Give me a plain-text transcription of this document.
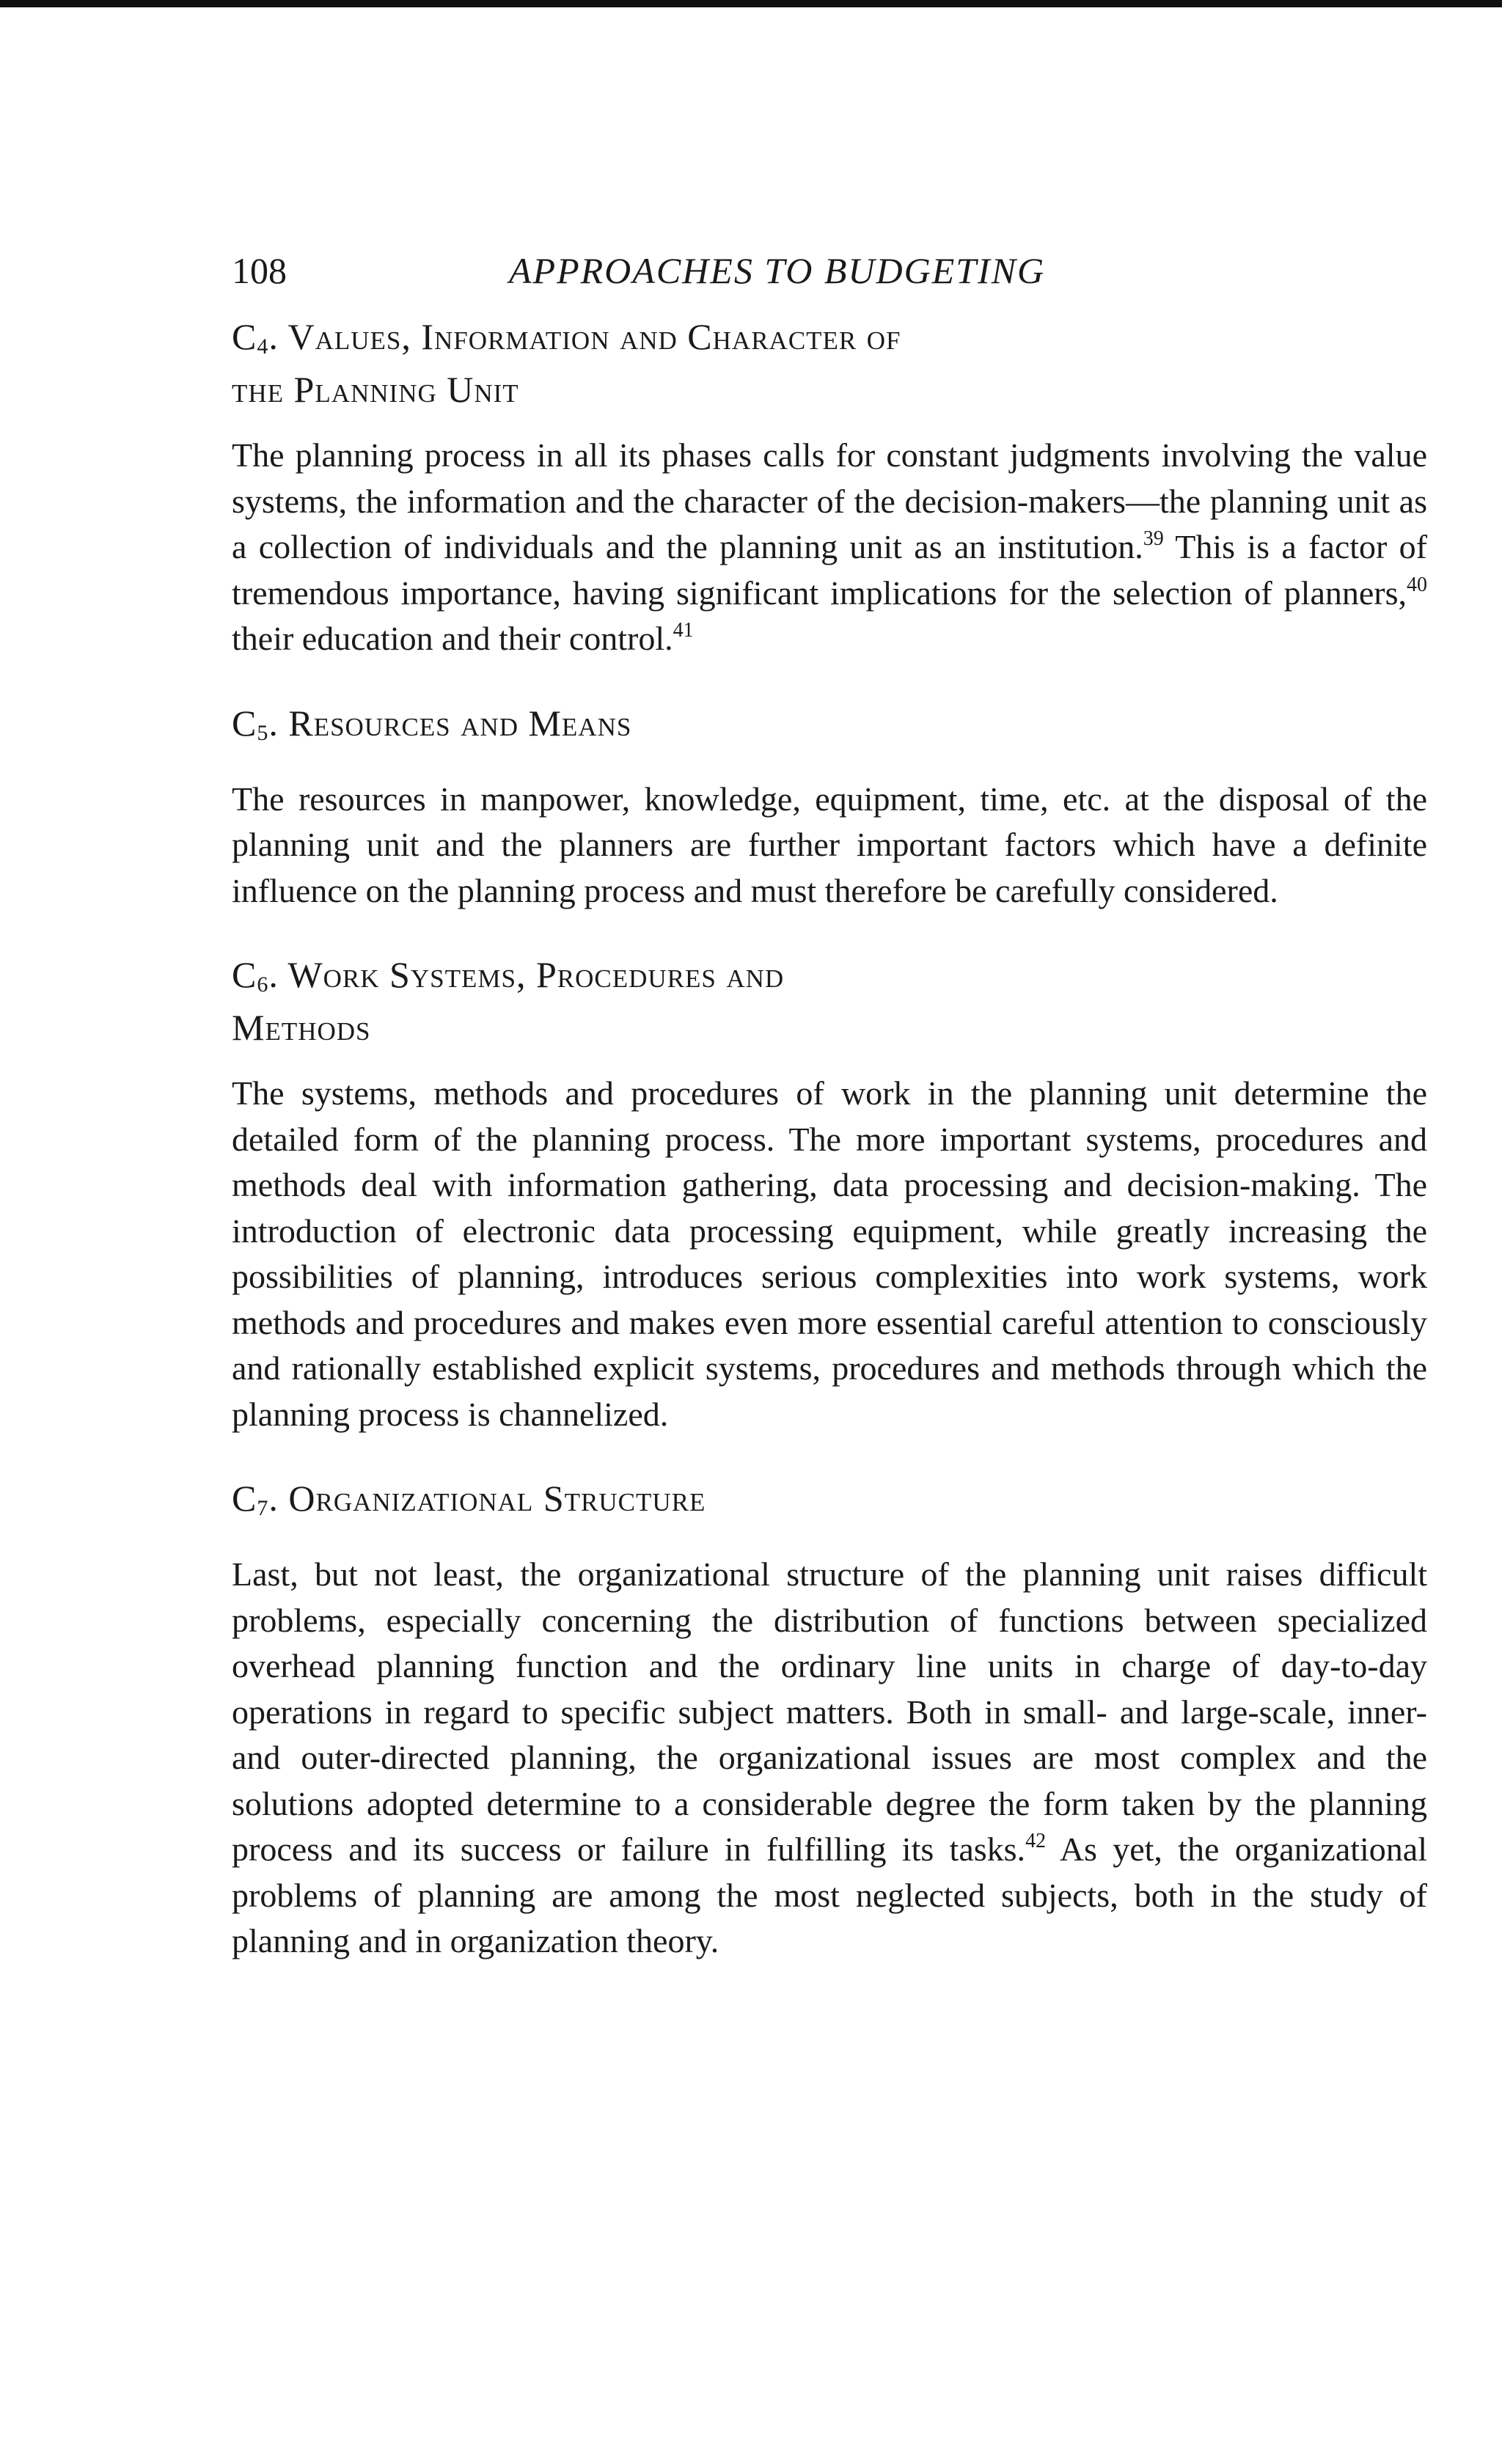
108	APPROACHES TO BUDGETING
$C_4$. Values, Information and Character of
the Planning Unit

The planning process in all its phases calls for constant judgments involving the value systems, the information and the character of the decision-makers—the planning unit as a collection of individuals and the planning unit as an institution.$^{39}$ This is a factor of tremendous importance, having significant implications for the selection of planners,$^{40}$ their education and their control.$^{41}$

$C_5$. Resources and Means

The resources in manpower, knowledge, equipment, time, etc. at the disposal of the planning unit and the planners are further important factors which have a definite influence on the planning process and must therefore be carefully considered.

$C_6$. Work Systems, Procedures and
Methods

The systems, methods and procedures of work in the planning unit determine the detailed form of the planning process. The more important systems, procedures and methods deal with information gathering, data processing and decision-making. The introduction of electronic data processing equipment, while greatly increasing the possibilities of planning, introduces serious complexities into work systems, work methods and procedures and makes even more essential careful attention to consciously and rationally established explicit systems, procedures and methods through which the planning process is channelized.

$C_7$. Organizational Structure

Last, but not least, the organizational structure of the planning unit raises difficult problems, especially concerning the distribution of functions between specialized overhead planning function and the ordinary line units in charge of day-to-day operations in regard to specific subject matters. Both in small- and large-scale, inner- and outer-directed planning, the organizational issues are most complex and the solutions adopted determine to a considerable degree the form taken by the planning process and its success or failure in fulfilling its tasks.$^{42}$ As yet, the organizational problems of planning are among the most neglected subjects, both in the study of planning and in organization theory.
